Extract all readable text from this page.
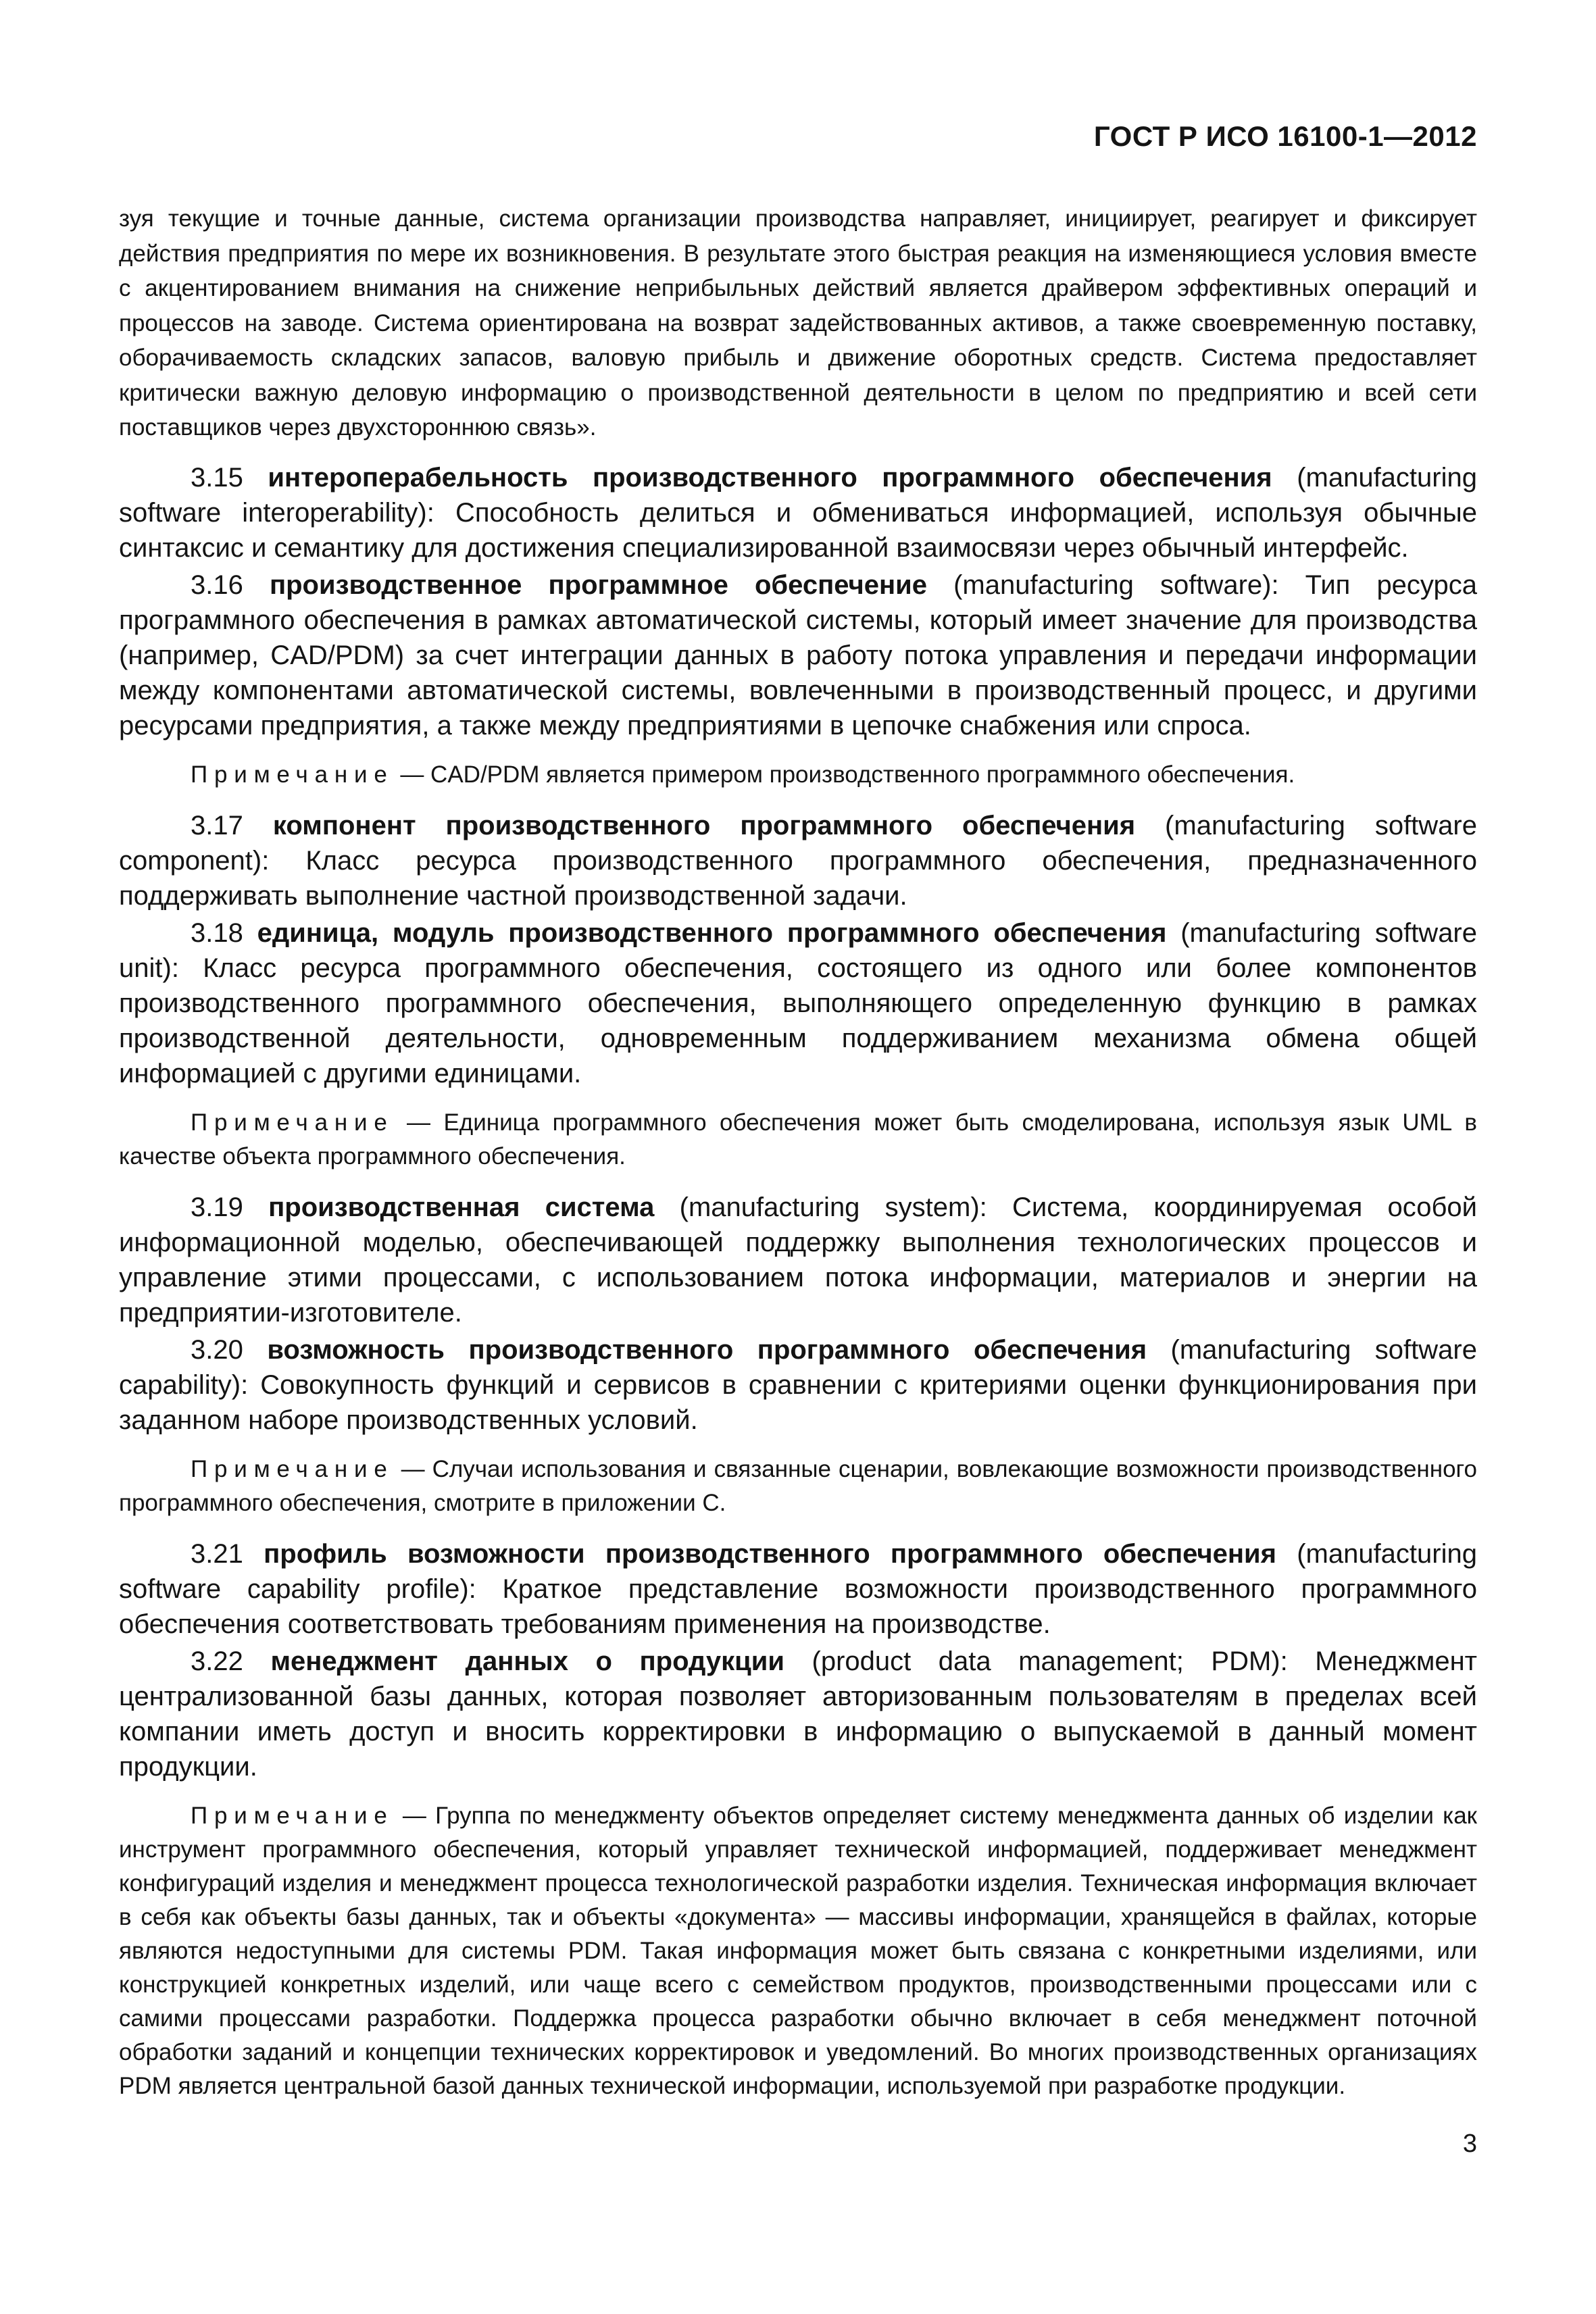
ГОСТ Р ИСО 16100-1—2012

зуя текущие и точные данные, система организации производства направляет, инициирует, реагирует и фиксирует действия предприятия по мере их возникновения. В результате этого быстрая реакция на изменяющиеся условия вместе с акцентированием внимания на снижение неприбыльных действий является драйвером эффективных операций и процессов на заводе. Система ориентирована на возврат задействованных активов, а также своевременную поставку, оборачиваемость складских запасов, валовую прибыль и движение оборотных средств. Система предоставляет критически важную деловую информацию о производственной деятельности в целом по предприятию и всей сети поставщиков через двухстороннюю связь».

3.15 интероперабельность производственного программного обеспечения (manufacturing software interoperability): Способность делиться и обмениваться информацией, используя обычные синтаксис и семантику для достижения специализированной взаимосвязи через обычный интерфейс.

3.16 производственное программное обеспечение (manufacturing software): Тип ресурса программного обеспечения в рамках автоматической системы, который имеет значение для производства (например, CAD/PDM) за счет интеграции данных в работу потока управления и передачи информации между компонентами автоматической системы, вовлеченными в производственный процесс, и другими ресурсами предприятия, а также между предприятиями в цепочке снабжения или спроса.

Примечание — CAD/PDM является примером производственного программного обеспечения.

3.17 компонент производственного программного обеспечения (manufacturing software component): Класс ресурса производственного программного обеспечения, предназначенного поддерживать выполнение частной производственной задачи.

3.18 единица, модуль производственного программного обеспечения (manufacturing software unit): Класс ресурса программного обеспечения, состоящего из одного или более компонентов производственного программного обеспечения, выполняющего определенную функцию в рамках производственной деятельности, одновременным поддерживанием механизма обмена общей информацией с другими единицами.

Примечание — Единица программного обеспечения может быть смоделирована, используя язык UML в качестве объекта программного обеспечения.

3.19 производственная система (manufacturing system): Система, координируемая особой информационной моделью, обеспечивающей поддержку выполнения технологических процессов и управление этими процессами, с использованием потока информации, материалов и энергии на предприятии-изготовителе.

3.20 возможность производственного программного обеспечения (manufacturing software capability): Совокупность функций и сервисов в сравнении с критериями оценки функционирования при заданном наборе производственных условий.

Примечание — Случаи использования и связанные сценарии, вовлекающие возможности производственного программного обеспечения, смотрите в приложении С.

3.21 профиль возможности производственного программного обеспечения (manufacturing software capability profile): Краткое представление возможности производственного программного обеспечения соответствовать требованиям применения на производстве.

3.22 менеджмент данных о продукции (product data management; PDM): Менеджмент централизованной базы данных, которая позволяет авторизованным пользователям в пределах всей компании иметь доступ и вносить корректировки в информацию о выпускаемой в данный момент продукции.

Примечание — Группа по менеджменту объектов определяет систему менеджмента данных об изделии как инструмент программного обеспечения, который управляет технической информацией, поддерживает менеджмент конфигураций изделия и менеджмент процесса технологической разработки изделия. Техническая информация включает в себя как объекты базы данных, так и объекты «документа» — массивы информации, хранящейся в файлах, которые являются недоступными для системы PDM. Такая информация может быть связана с конкретными изделиями, или конструкцией конкретных изделий, или чаще всего с семейством продуктов, производственными процессами или с самими процессами разработки. Поддержка процесса разработки обычно включает в себя менеджмент поточной обработки заданий и концепции технических корректировок и уведомлений. Во многих производственных организациях PDM является центральной базой данных технической информации, используемой при разработке продукции.

3
